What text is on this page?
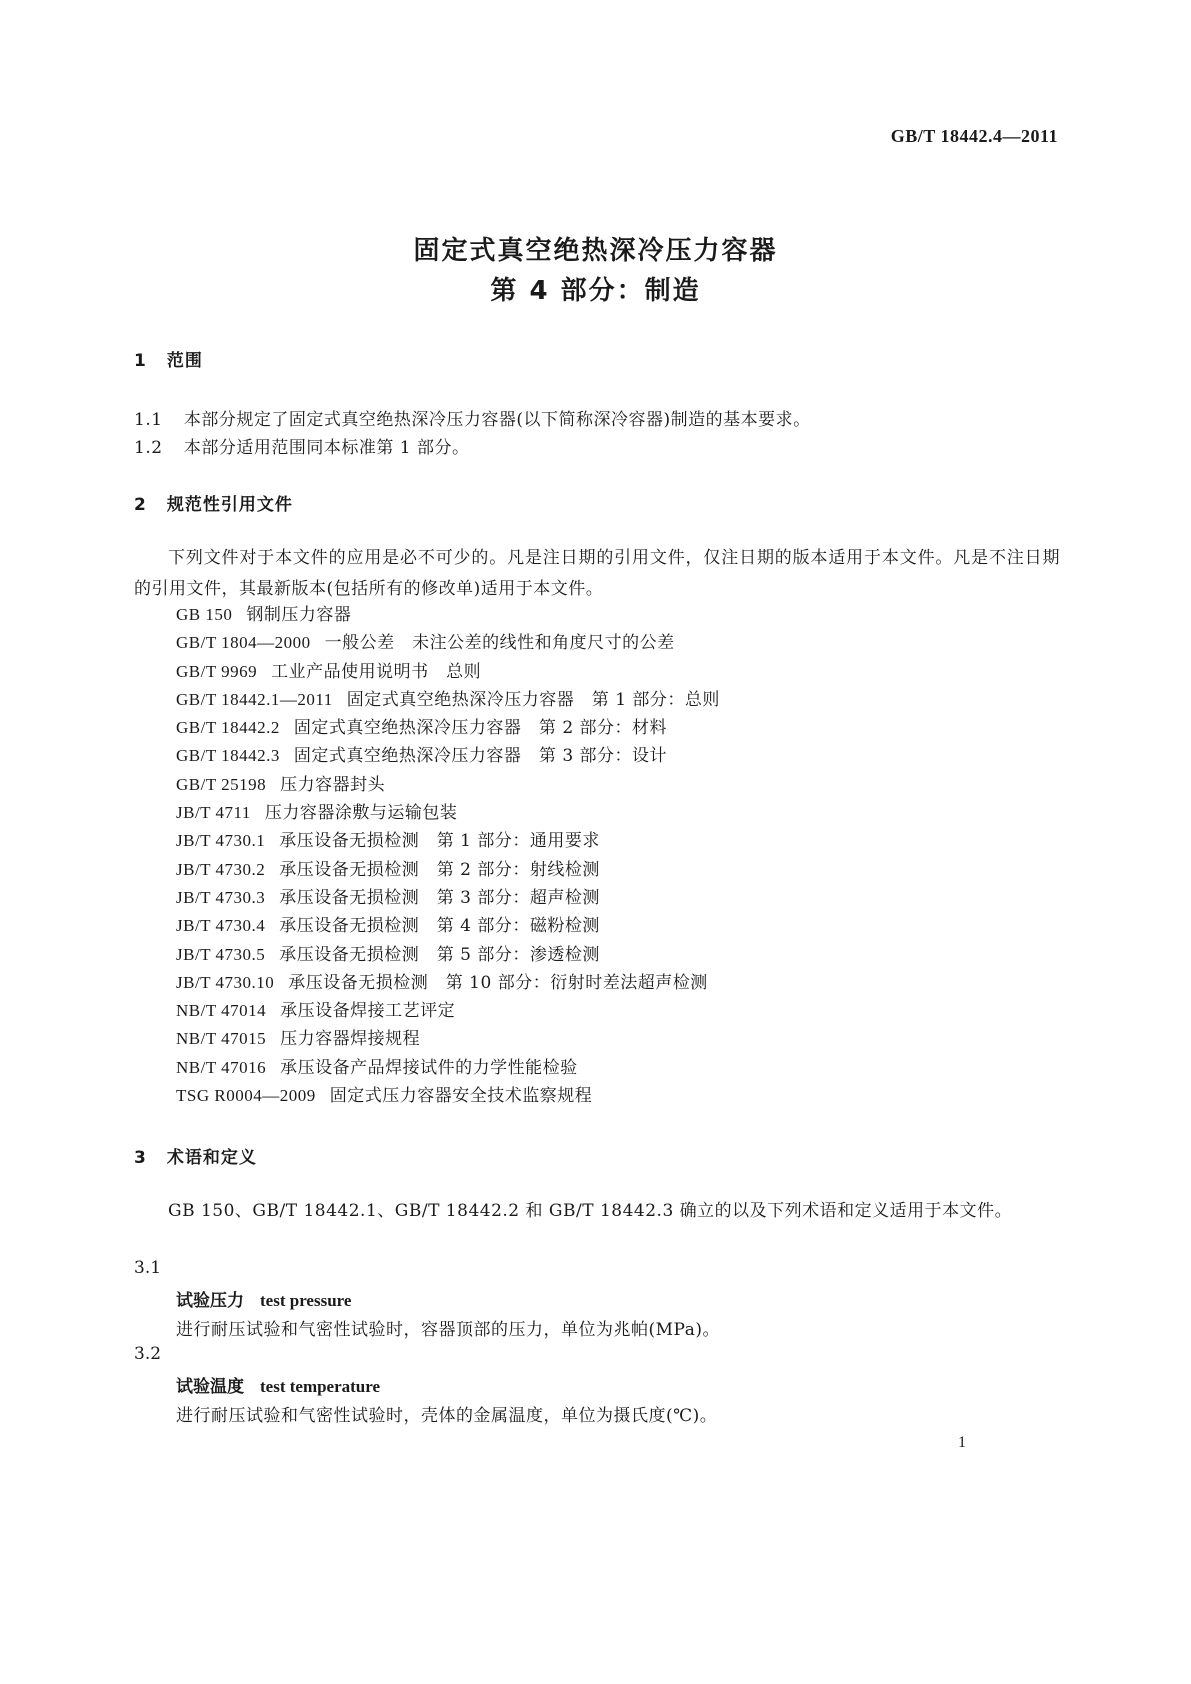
GB/T 18442.4—2011
固定式真空绝热深冷压力容器
第 4 部分：制造
1 范围
1.1 本部分规定了固定式真空绝热深冷压力容器(以下简称深冷容器)制造的基本要求。
1.2 本部分适用范围同本标准第 1 部分。
2 规范性引用文件
下列文件对于本文件的应用是必不可少的。凡是注日期的引用文件，仅注日期的版本适用于本文件。凡是不注日期的引用文件，其最新版本(包括所有的修改单)适用于本文件。
GB 150 钢制压力容器
GB/T 1804—2000 一般公差　未注公差的线性和角度尺寸的公差
GB/T 9969 工业产品使用说明书　总则
GB/T 18442.1—2011 固定式真空绝热深冷压力容器　第 1 部分：总则
GB/T 18442.2 固定式真空绝热深冷压力容器　第 2 部分：材料
GB/T 18442.3 固定式真空绝热深冷压力容器　第 3 部分：设计
GB/T 25198 压力容器封头
JB/T 4711 压力容器涂敷与运输包装
JB/T 4730.1 承压设备无损检测　第 1 部分：通用要求
JB/T 4730.2 承压设备无损检测　第 2 部分：射线检测
JB/T 4730.3 承压设备无损检测　第 3 部分：超声检测
JB/T 4730.4 承压设备无损检测　第 4 部分：磁粉检测
JB/T 4730.5 承压设备无损检测　第 5 部分：渗透检测
JB/T 4730.10 承压设备无损检测　第 10 部分：衍射时差法超声检测
NB/T 47014 承压设备焊接工艺评定
NB/T 47015 压力容器焊接规程
NB/T 47016 承压设备产品焊接试件的力学性能检验
TSG R0004—2009 固定式压力容器安全技术监察规程
3 术语和定义
GB 150、GB/T 18442.1、GB/T 18442.2 和 GB/T 18442.3 确立的以及下列术语和定义适用于本文件。
3.1
试验压力 test pressure
进行耐压试验和气密性试验时，容器顶部的压力，单位为兆帕(MPa)。
3.2
试验温度 test temperature
进行耐压试验和气密性试验时，壳体的金属温度，单位为摄氏度(℃)。
1
